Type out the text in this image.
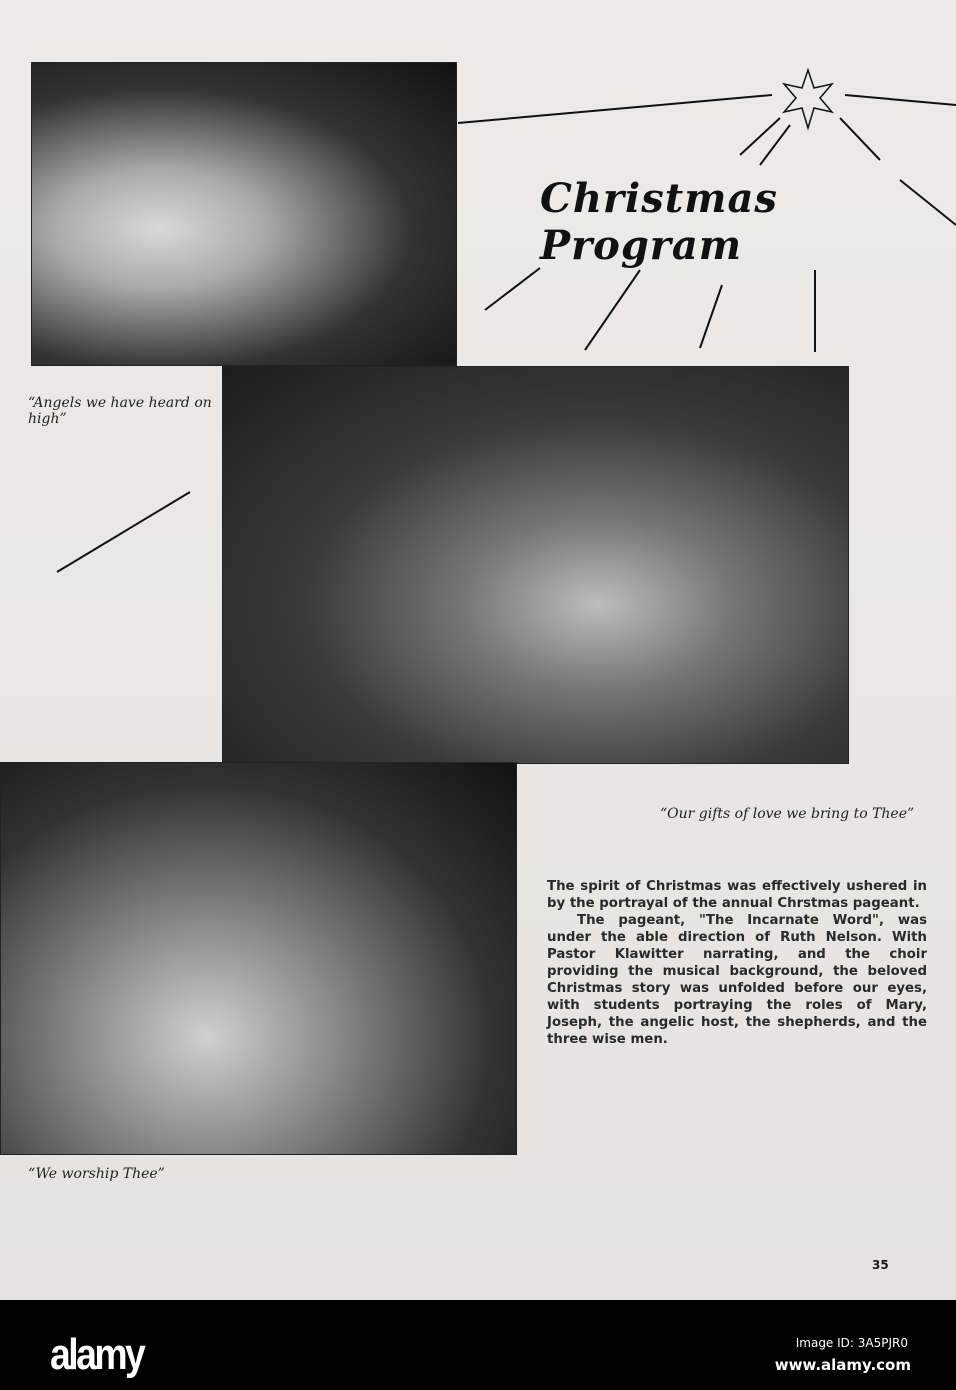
Christmas Program
“Angels we have heard on high”
“Our gifts of love we bring to Thee”
“We worship Thee”

The spirit of Christmas was effectively ushered in by the portrayal of the annual Chrstmas pageant.

The pageant, "The Incarnate Word", was under the able direction of Ruth Nelson. With Pastor Klawitter narrating, and the choir providing the musical background, the beloved Christmas story was unfolded before our eyes, with students portraying the roles of Mary, Joseph, the angelic host, the shepherds, and the three wise men.

35
alamy	Image ID: 3A5PJR0
www.alamy.com
